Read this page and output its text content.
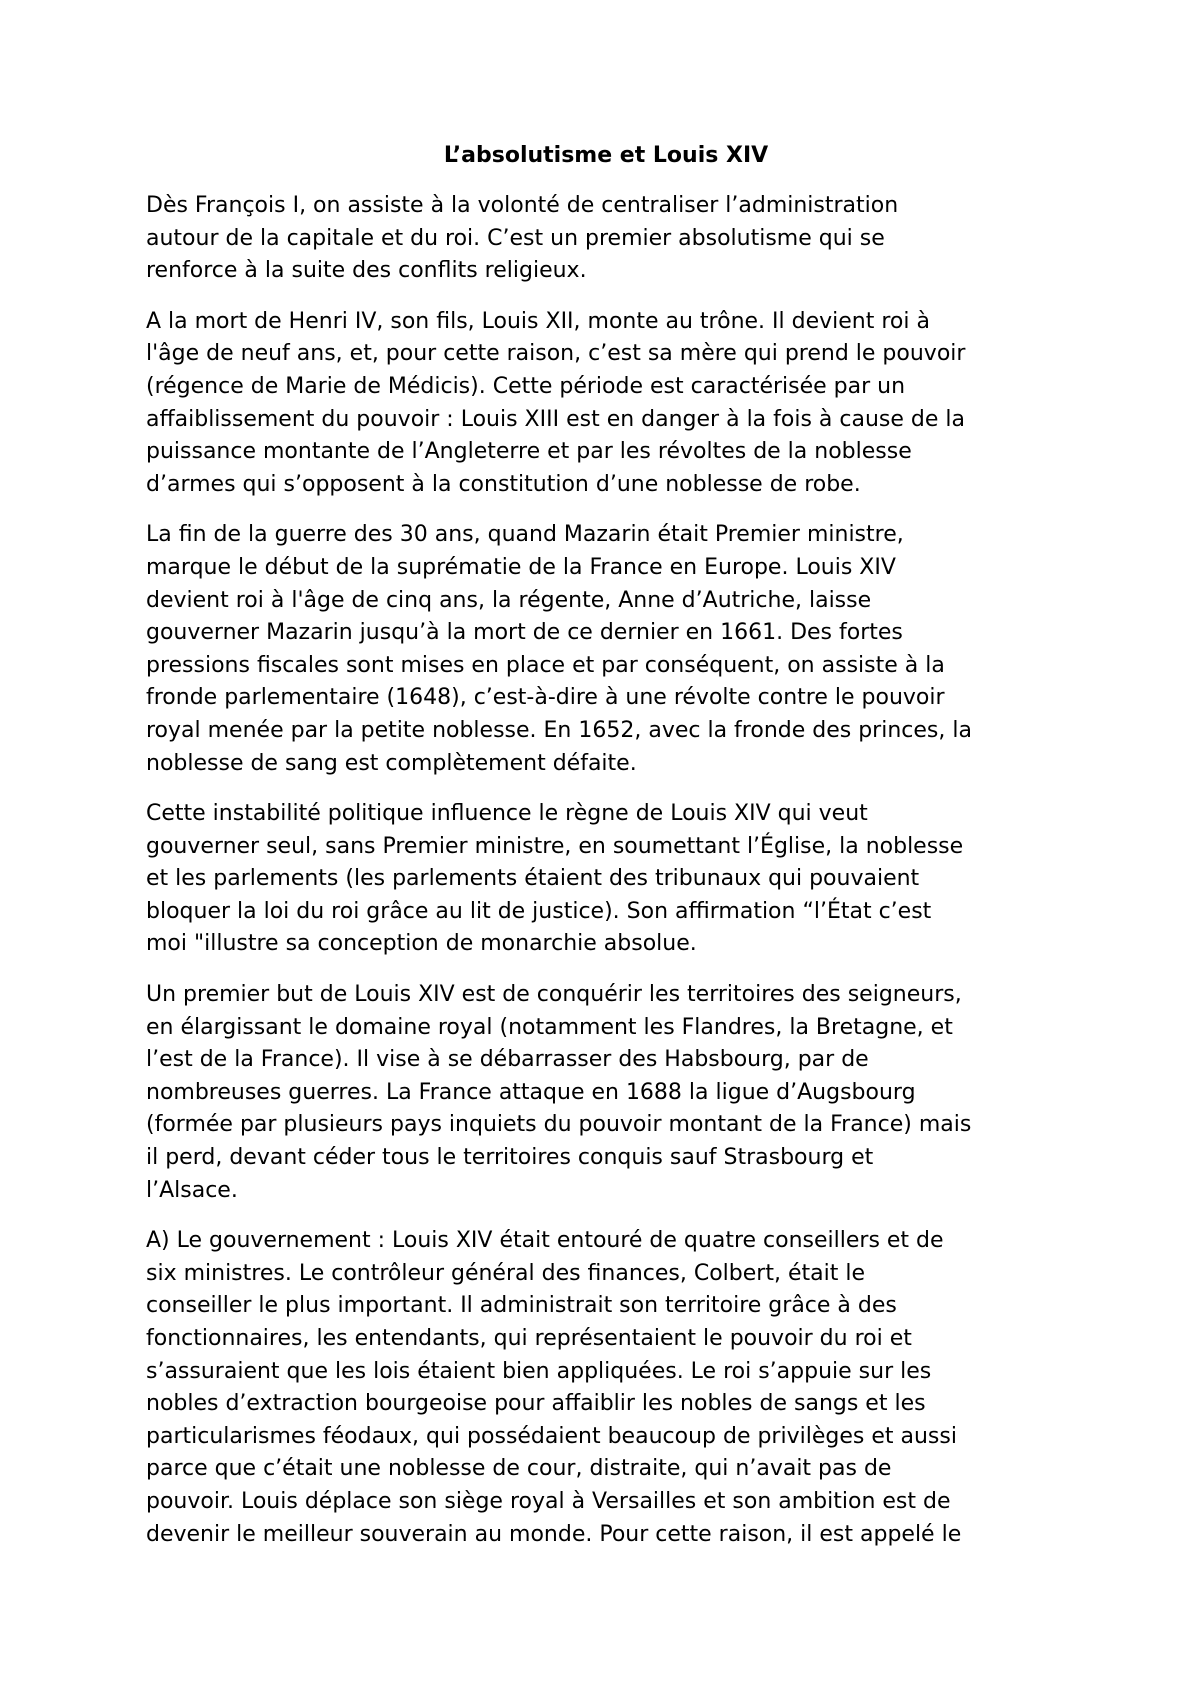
L’absolutisme et Louis XIV

Dès François I, on assiste à la volonté de centraliser l’administration
autour de la capitale et du roi. C’est un premier absolutisme qui se
renforce à la suite des conflits religieux.

A la mort de Henri IV, son fils, Louis XII, monte au trône. Il devient roi à
l'âge de neuf ans, et, pour cette raison, c’est sa mère qui prend le pouvoir
(régence de Marie de Médicis). Cette période est caractérisée par un
affaiblissement du pouvoir : Louis XIII est en danger à la fois à cause de la
puissance montante de l’Angleterre et par les révoltes de la noblesse
d’armes qui s’opposent à la constitution d’une noblesse de robe.

La fin de la guerre des 30 ans, quand Mazarin était Premier ministre,
marque le début de la suprématie de la France en Europe. Louis XIV
devient roi à l'âge de cinq ans, la régente, Anne d’Autriche, laisse
gouverner Mazarin jusqu’à la mort de ce dernier en 1661. Des fortes
pressions fiscales sont mises en place et par conséquent, on assiste à la
fronde parlementaire (1648), c’est-à-dire à une révolte contre le pouvoir
royal menée par la petite noblesse. En 1652, avec la fronde des princes, la
noblesse de sang est complètement défaite.

Cette instabilité politique influence le règne de Louis XIV qui veut
gouverner seul, sans Premier ministre, en soumettant l’Église, la noblesse
et les parlements (les parlements étaient des tribunaux qui pouvaient
bloquer la loi du roi grâce au lit de justice). Son affirmation “l’État c’est
moi "illustre sa conception de monarchie absolue.

Un premier but de Louis XIV est de conquérir les territoires des seigneurs,
en élargissant le domaine royal (notamment les Flandres, la Bretagne, et
l’est de la France). Il vise à se débarrasser des Habsbourg, par de
nombreuses guerres. La France attaque en 1688 la ligue d’Augsbourg
(formée par plusieurs pays inquiets du pouvoir montant de la France) mais
il perd, devant céder tous le territoires conquis sauf Strasbourg et
l’Alsace.

A) Le gouvernement : Louis XIV était entouré de quatre conseillers et de
six ministres. Le contrôleur général des finances, Colbert, était le
conseiller le plus important. Il administrait son territoire grâce à des
fonctionnaires, les entendants, qui représentaient le pouvoir du roi et
s’assuraient que les lois étaient bien appliquées. Le roi s’appuie sur les
nobles d’extraction bourgeoise pour affaiblir les nobles de sangs et les
particularismes féodaux, qui possédaient beaucoup de privilèges et aussi
parce que c’était une noblesse de cour, distraite, qui n’avait pas de
pouvoir. Louis déplace son siège royal à Versailles et son ambition est de
devenir le meilleur souverain au monde. Pour cette raison, il est appelé le
